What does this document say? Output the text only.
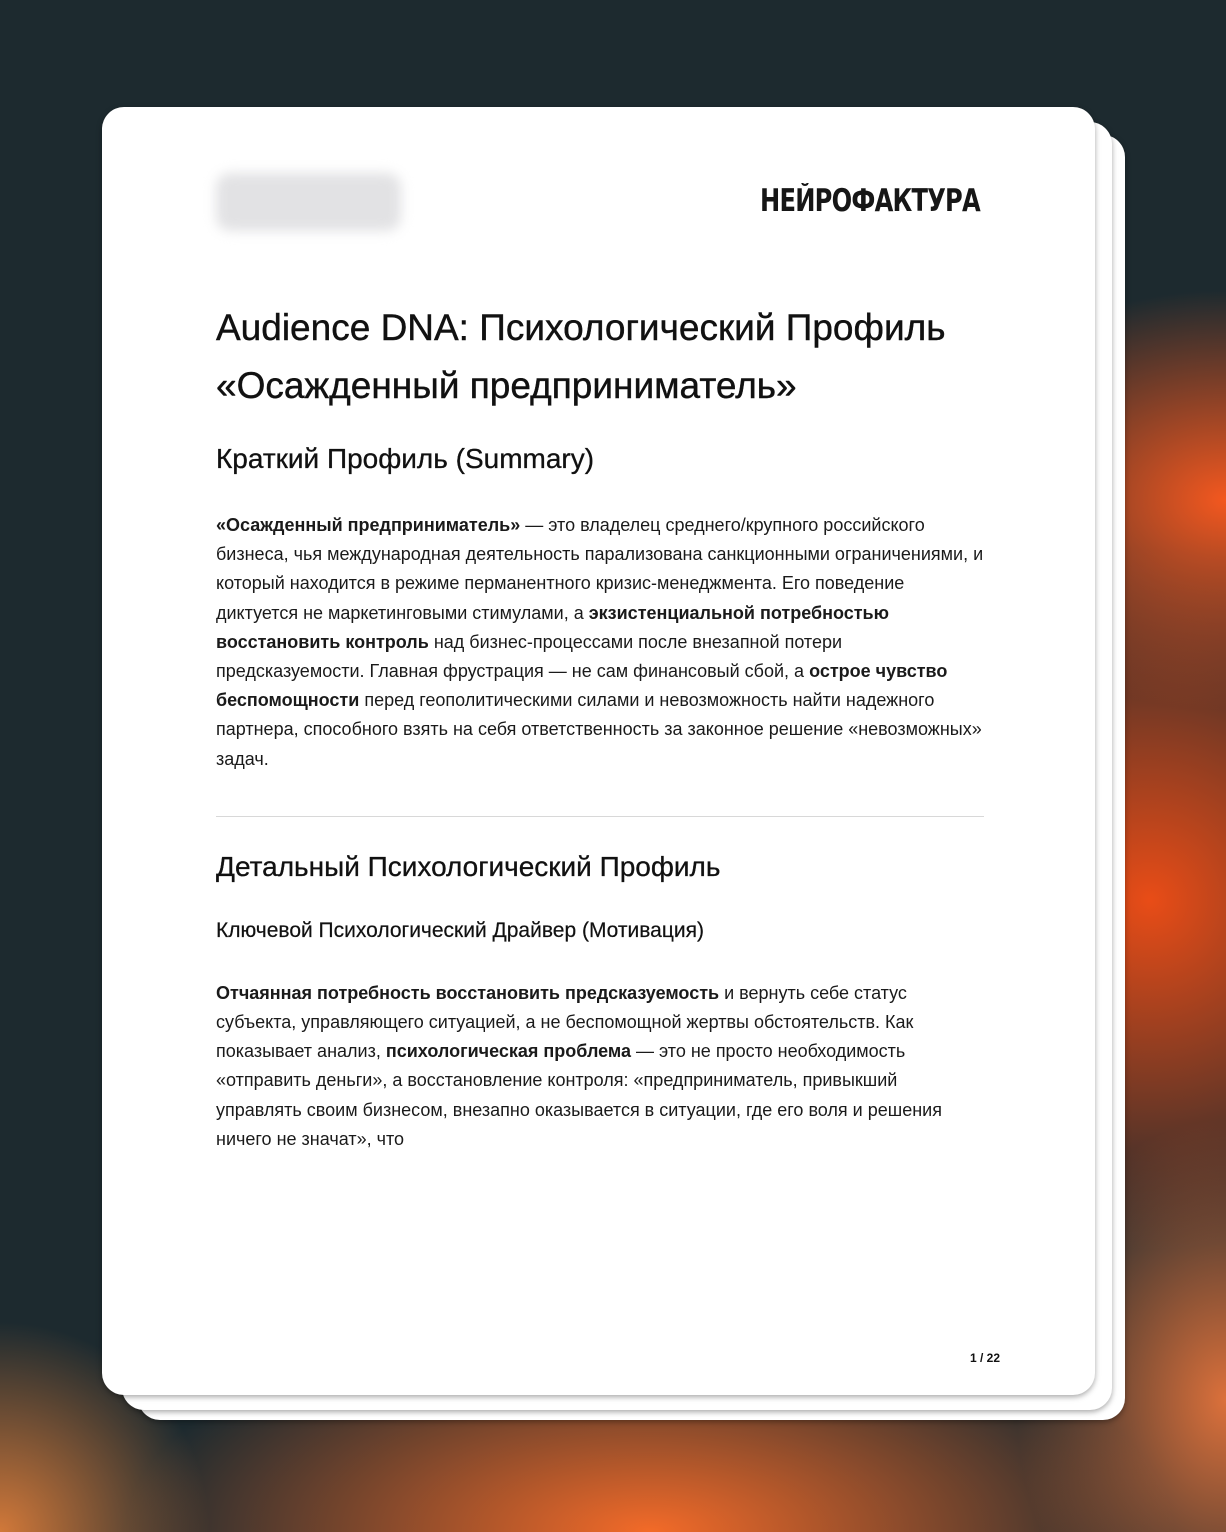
НЕЙРОФАКТУРА
Audience DNA: Психологический Профиль «Осажденный предприниматель»
Краткий Профиль (Summary)

«Осажденный предприниматель» — это владелец среднего/крупного российского бизнеса, чья международная деятельность парализована санкционными ограничениями, и который находится в режиме перманентного кризис-менеджмента. Его поведение диктуется не маркетинговыми стимулами, а экзистенциальной потребностью восстановить контроль над бизнес-процессами после внезапной потери предсказуемости. Главная фрустрация — не сам финансовый сбой, а острое чувство беспомощности перед геополитическими силами и невозможность найти надежного партнера, способного взять на себя ответственность за законное решение «невозможных» задач.

Детальный Психологический Профиль
Ключевой Психологический Драйвер (Мотивация)

Отчаянная потребность восстановить предсказуемость и вернуть себе статус субъекта, управляющего ситуацией, а не беспомощной жертвы обстоятельств. Как показывает анализ, психологическая проблема — это не просто необходимость «отправить деньги», а восстановление контроля: «предприниматель, привыкший управлять своим бизнесом, внезапно оказывается в ситуации, где его воля и решения ничего не значат», что

1 / 22
